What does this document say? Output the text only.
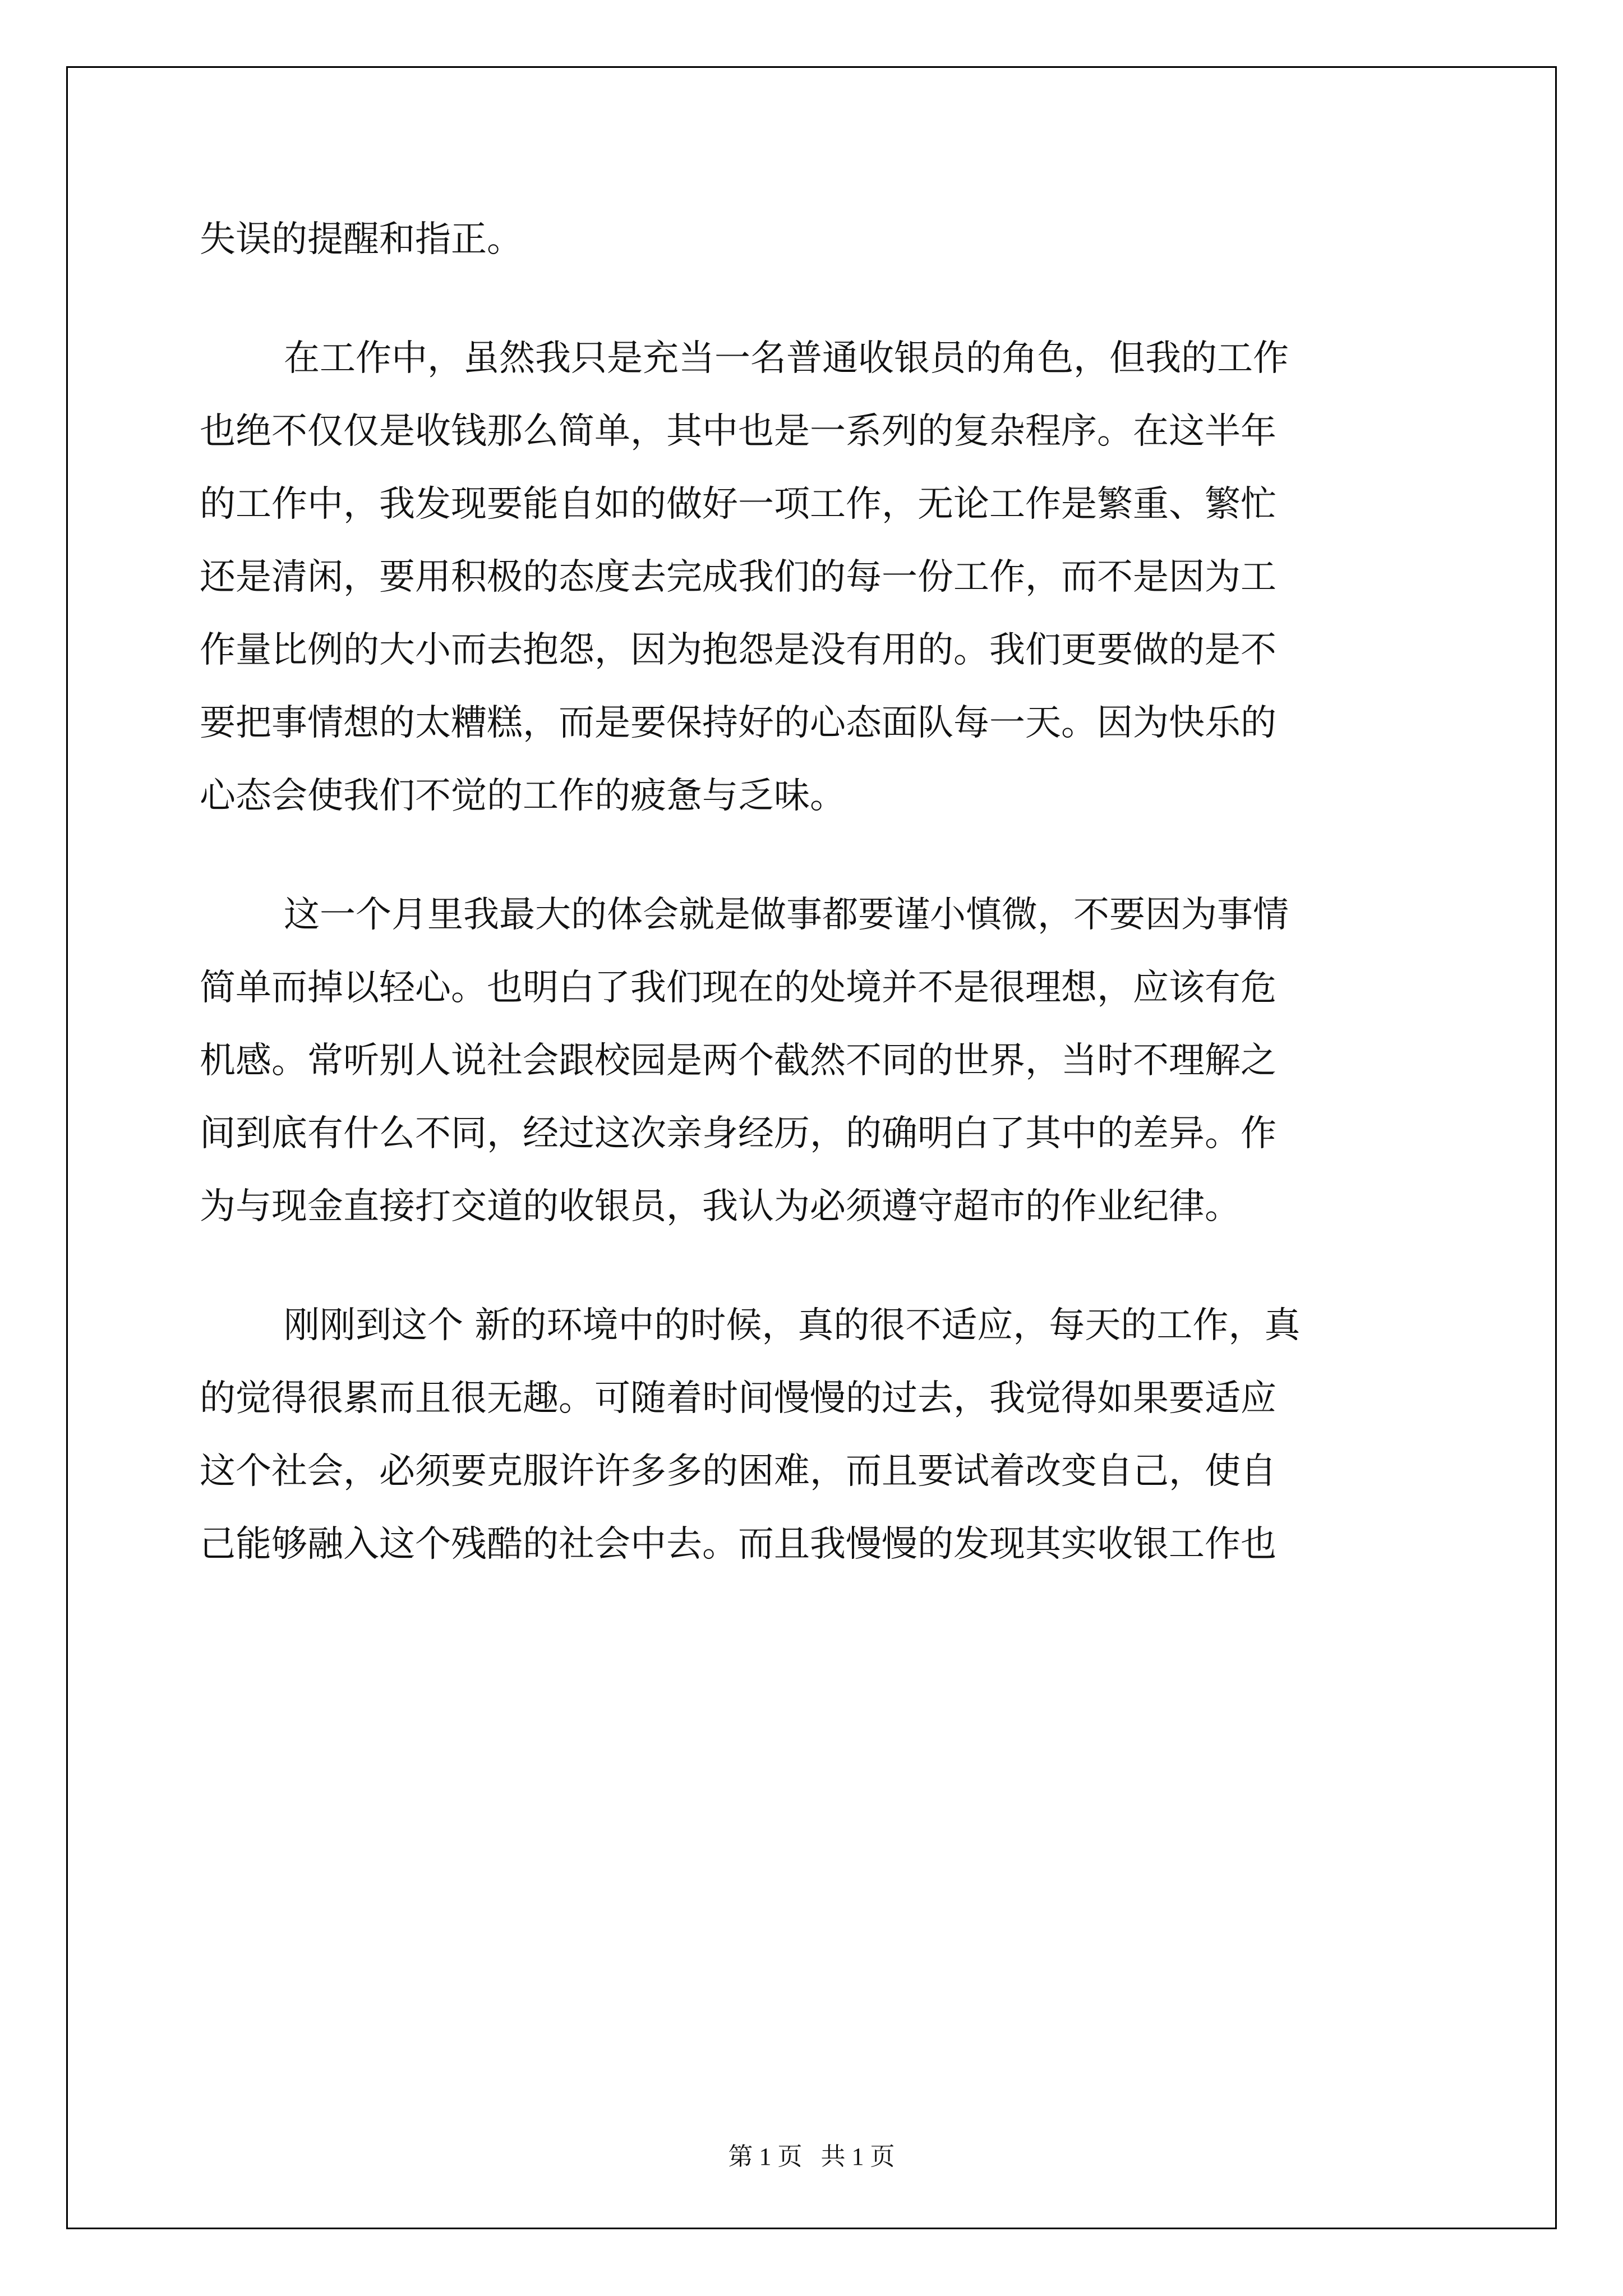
失误的提醒和指正。
在工作中，虽然我只是充当一名普通收银员的角色，但我的工作
也绝不仅仅是收钱那么简单，其中也是一系列的复杂程序。在这半年
的工作中，我发现要能自如的做好一项工作，无论工作是繁重、繁忙
还是清闲，要用积极的态度去完成我们的每一份工作，而不是因为工
作量比例的大小而去抱怨，因为抱怨是没有用的。我们更要做的是不
要把事情想的太糟糕，而是要保持好的心态面队每一天。因为快乐的
心态会使我们不觉的工作的疲惫与乏味。
这一个月里我最大的体会就是做事都要谨小慎微，不要因为事情
简单而掉以轻心。也明白了我们现在的处境并不是很理想，应该有危
机感。常听别人说社会跟校园是两个截然不同的世界，当时不理解之
间到底有什么不同，经过这次亲身经历，的确明白了其中的差异。作
为与现金直接打交道的收银员，我认为必须遵守超市的作业纪律。
刚刚到这个 新的环境中的时候，真的很不适应，每天的工作，真
的觉得很累而且很无趣。可随着时间慢慢的过去，我觉得如果要适应
这个社会，必须要克服许许多多的困难，而且要试着改变自己，使自
己能够融入这个残酷的社会中去。而且我慢慢的发现其实收银工作也
第 1 页   共 1 页
